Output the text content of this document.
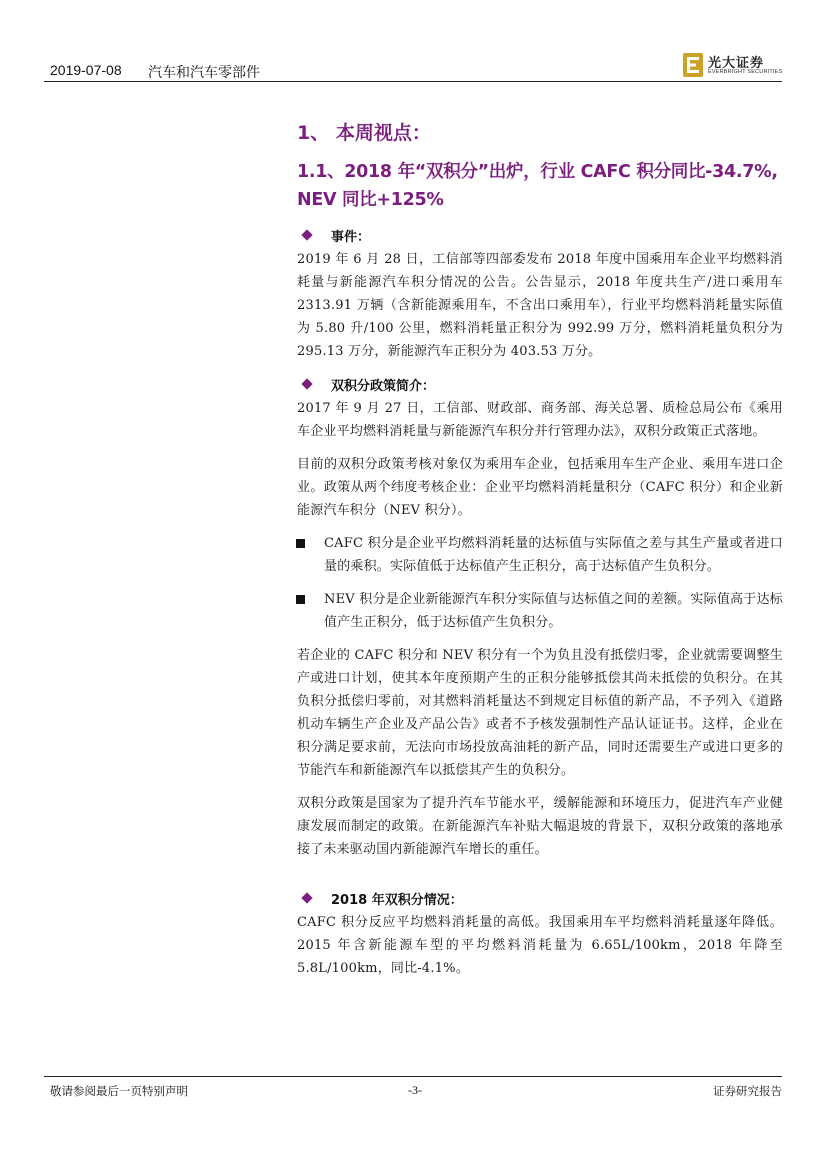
2019-07-08 汽车和汽车零部件
光大证券
EVERBRIGHT SECURITIES
1、 本周视点：
1.1、2018 年“双积分”出炉，行业 CAFC 积分同比-34.7%,
NEV 同比+125%
事件：

2019 年 6 月 28 日，工信部等四部委发布 2018 年度中国乘用车企业平均燃料消耗量与新能源汽车积分情况的公告。公告显示，2018 年度共生产/进口乘用车 2313.91 万辆（含新能源乘用车，不含出口乘用车），行业平均燃料消耗量实际值为 5.80 升/100 公里，燃料消耗量正积分为 992.99 万分，燃料消耗量负积分为 295.13 万分，新能源汽车正积分为 403.53 万分。

双积分政策简介：

2017 年 9 月 27 日，工信部、财政部、商务部、海关总署、质检总局公布《乘用车企业平均燃料消耗量与新能源汽车积分并行管理办法》，双积分政策正式落地。

目前的双积分政策考核对象仅为乘用车企业，包括乘用车生产企业、乘用车进口企业。政策从两个纬度考核企业：企业平均燃料消耗量积分（CAFC 积分）和企业新能源汽车积分（NEV 积分）。

CAFC 积分是企业平均燃料消耗量的达标值与实际值之差与其生产量或者进口量的乘积。实际值低于达标值产生正积分，高于达标值产生负积分。

NEV 积分是企业新能源汽车积分实际值与达标值之间的差额。实际值高于达标值产生正积分，低于达标值产生负积分。

若企业的 CAFC 积分和 NEV 积分有一个为负且没有抵偿归零，企业就需要调整生产或进口计划，使其本年度预期产生的正积分能够抵偿其尚未抵偿的负积分。在其负积分抵偿归零前，对其燃料消耗量达不到规定目标值的新产品，不予列入《道路机动车辆生产企业及产品公告》或者不予核发强制性产品认证证书。这样，企业在积分满足要求前，无法向市场投放高油耗的新产品，同时还需要生产或进口更多的节能汽车和新能源汽车以抵偿其产生的负积分。

双积分政策是国家为了提升汽车节能水平，缓解能源和环境压力，促进汽车产业健康发展而制定的政策。在新能源汽车补贴大幅退坡的背景下，双积分政策的落地承接了未来驱动国内新能源汽车增长的重任。

2018 年双积分情况：

CAFC 积分反应平均燃料消耗量的高低。我国乘用车平均燃料消耗量逐年降低。2015 年含新能源车型的平均燃料消耗量为 6.65L/100km，2018 年降至 5.8L/100km，同比-4.1%。

敬请参阅最后一页特别声明	-3-	证券研究报告
